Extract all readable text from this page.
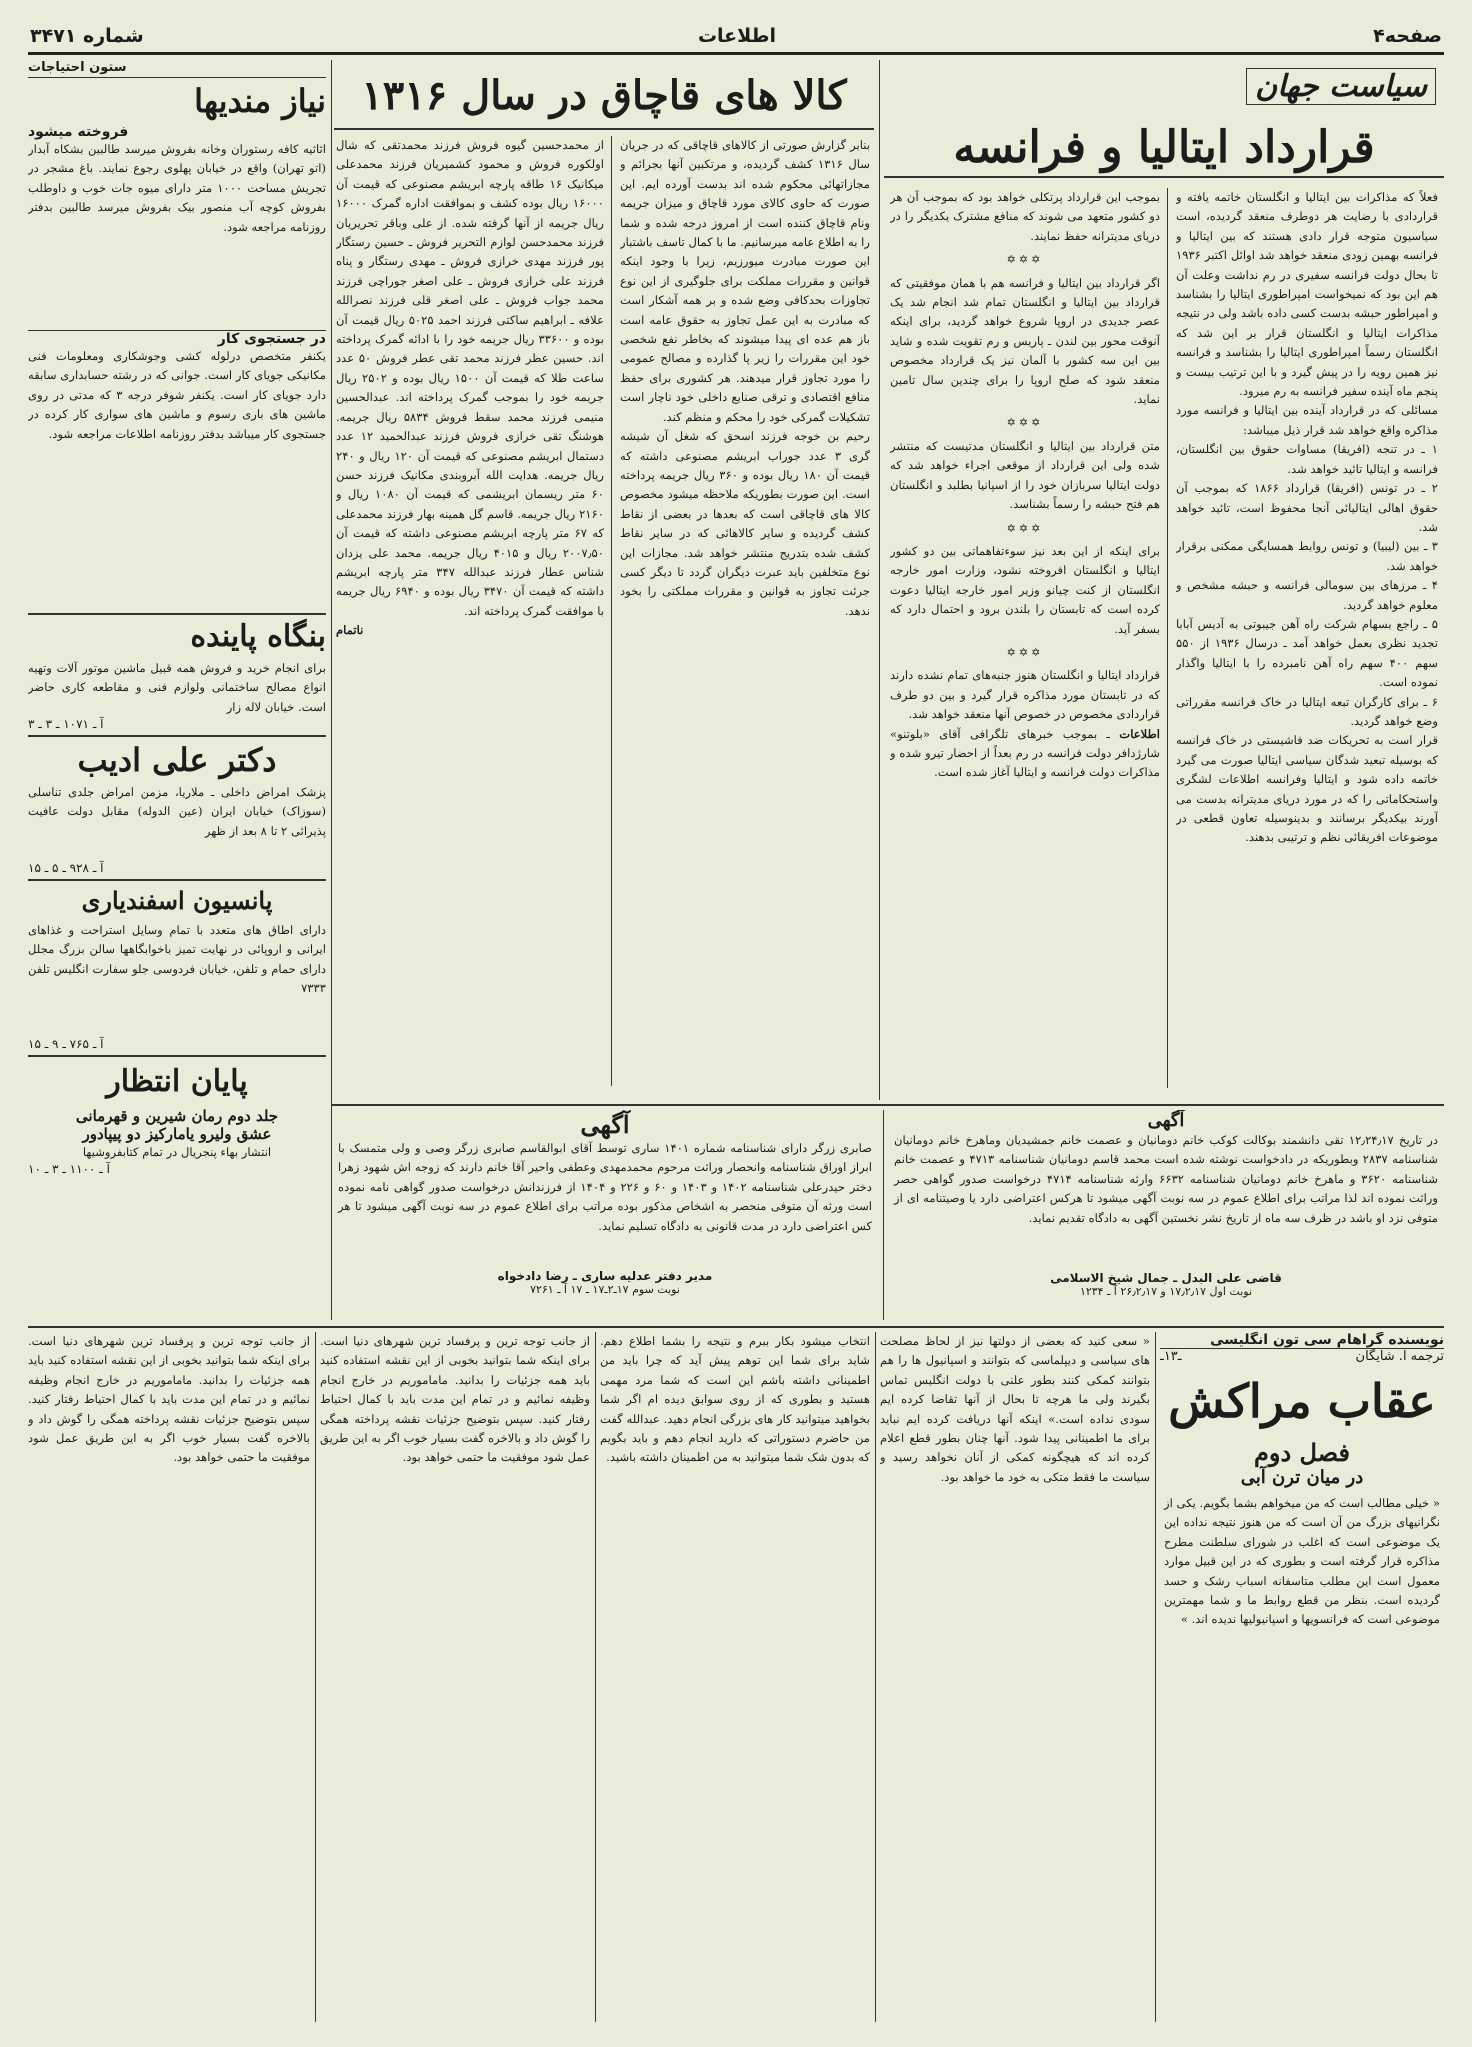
صفحه۴
اطلاعات
شماره ۳۴۷۱
سیاست جهان
قرارداد ایتالیا و فرانسه
فعلاً که مذاکرات بین ایتالیا و انگلستان خاتمه یافته و قراردادی با رضایت هر دوطرف منعقد گردیده، است سیاسیون متوجه قرار دادی هستند که بین ایتالیا و فرانسه بهمین زودی منعقد خواهد شد اوائل اکتبر ۱۹۳۶ تا بحال دولت فرانسه سفیری در رم نداشت وعلت آن هم این بود که نمیخواست امپراطوری ایتالیا را بشناسد و امپراطور حبشه بدست کسی داده باشد ولی در نتیجه مذاکرات ایتالیا و انگلستان قرار بر این شد که انگلستان رسماً امپراطوری ایتالیا را بشناسد و فرانسه نیز همین رویه را در پیش گیرد و با این ترتیب بیست و پنجم ماه آینده سفیر فرانسه به رم میرود.
مسائلی که در قرارداد آینده بین ایتالیا و فرانسه مورد مذاکره واقع خواهد شد قرار ذیل میباشد:
۱ ـ در تنجه (افریقا) مساوات حقوق بین انگلستان، فرانسه و ایتالیا تائید خواهد شد.
۲ ـ در تونس (افریقا) قرارداد ۱۸۶۶ که بموجب آن حقوق اهالی ایتالیائی آنجا محفوظ است، تائید خواهد شد.
۳ ـ بین (لیبیا) و تونس روابط همسایگی ممکنی برقرار خواهد شد.
۴ ـ مرزهای بین سومالی فرانسه و حبشه مشخص و معلوم خواهد گردید.
۵ ـ راجع بسهام شرکت راه آهن جیبوتی به آدیس آبابا تجدید نظری بعمل خواهد آمد ـ درسال ۱۹۳۶ از ۵۵۰ سهم ۴۰۰ سهم راه آهن نامبرده را با ایتالیا واگذار نموده است.
۶ ـ برای کارگران تبعه ایتالیا در خاک فرانسه مقرراتی وضع خواهد گردید.
قرار است به تحریکات ضد فاشیستی در خاک فرانسه که بوسیله تبعید شدگان سیاسی ایتالیا صورت می گیرد خاتمه داده شود و ایتالیا وفرانسه اطلاعات لشگری واستحکاماتی را که در مورد دریای مدیترانه بدست می آورند بیکدیگر برسانند و بدینوسیله تعاون قطعی در موضوعات افریقائی نظم و ترتیبی بدهند.
بموجب این قرارداد پرتکلی خواهد بود که بموجب آن هر دو کشور متعهد می شوند که منافع مشترک یکدیگر را در دریای مدیترانه حفظ نمایند.
✡✡✡
اگر قرارداد بین ایتالیا و فرانسه هم با همان موفقیتی که قرارداد بین ایتالیا و انگلستان تمام شد انجام شد یک عصر جدیدی در اروپا شروع خواهد گردید، برای اینکه آنوقت محور بین لندن ـ پاریس و رم تقویت شده و شاید بین این سه کشور با آلمان نیز یک قرارداد مخصوص منعقد شود که صلح اروپا را برای چندین سال تامین نماید.
✡✡✡
متن قرارداد بین ایتالیا و انگلستان مدتیست که منتشر شده ولی این قرارداد از موقعی اجراء خواهد شد که دولت ایتالیا سربازان خود را از اسپانیا بطلبد و انگلستان هم فتح حبشه را رسماً بشناسد.
✡✡✡
برای اینکه از این بعد نیز سوءتفاهماتی بین دو کشور ایتالیا و انگلستان افروخته نشود، وزارت امور خارجه انگلستان از کنت چیانو وزیر امور خارجه ایتالیا دعوت کرده است که تابستان را بلندن برود و احتمال دارد که بسفر آید.
✡✡✡
قرارداد ایتالیا و انگلستان هنوز جنبه‌های تمام نشده دارند که در تابستان مورد مذاکره قرار گیرد و بین دو طرف قراردادی مخصوص در خصوص آنها منعقد خواهد شد.
اطلاعات ـ بموجب خبرهای تلگرافی آقای «بلوتنو» شارژدافر دولت فرانسه در رم بعداً از احضار تیرو شده و مذاکرات دولت فرانسه و ایتالیا آغاز شده است.
کالا های قاچاق در سال ۱۳۱۶
بنابر گزارش صورتی از کالاهای قاچاقی که در جریان سال ۱۳۱۶ کشف گردیده، و مرتکبین آنها بجرائم و مجازاتهائی محکوم شده اند بدست آورده ایم. این صورت که حاوی کالای مورد قاچاق و میزان جریمه ونام قاچاق کننده است از امروز درجه شده و شما را به اطلاع عامه میرسانیم. ما با کمال تاسف باشتبار این صورت مبادرت میورزیم، زیرا با وجود اینکه قوانین و مقررات مملکت برای جلوگیری از این نوع تجاوزات بحدکافی وضع شده و بر همه آشکار است که مبادرت به این عمل تجاوز به حقوق عامه است باز هم عده ای پیدا میشوند که بخاطر نفع شخصی خود این مقررات را زیر پا گذارده و مصالح عمومی را مورد تجاوز قرار میدهند. هر کشوری برای حفظ منافع اقتصادی و ترقی صنایع داخلی خود ناچار است تشکیلات گمرکی خود را محکم و منظم کند.
رحیم بن خوجه فرزند اسحق که شغل آن شیشه گری ۳ عدد جوراب ابریشم مصنوعی داشته که قیمت آن ۱۸۰ ریال بوده و ۳۶۰ ریال جریمه پرداخته است. این صورت بطوریکه ملاحظه میشود مخصوص کالا های قاچاقی است که بعدها در بعضی از نقاط کشف گردیده و سایر کالاهائی که در سایر نقاط کشف شده بتدریج منتشر خواهد شد. مجازات این نوع متخلفین باید عبرت دیگران گردد تا دیگر کسی جرئت تجاوز به قوانین و مقررات مملکتی را بخود ندهد.
از محمدحسین گیوه فروش فرزند محمدتقی که شال اولکوره فروش و محمود کشمیریان فرزند محمدعلی میکانیک ۱۶ طاقه پارچه ابریشم مصنوعی که قیمت آن ۱۶۰۰۰ ریال بوده کشف و بموافقت اداره گمرک ۱۶۰۰۰ ریال جریمه از آنها گرفته شده. از علی وباقر تحریریان فرزند محمدحسن لوازم التحریر فروش ـ حسین رستگار پور فرزند مهدی خرازی فروش ـ مهدی رستگار و پناه فرزند علی خرازی فروش ـ علی اصغر جوراچی فرزند محمد جواب فروش ـ علی اصغر قلی فرزند نصرالله علافه ـ ابراهیم ساکتی فرزند احمد ۵۰۲۵ ریال قیمت آن بوده و ۳۳۶۰۰ ریال جریمه خود را با ادائه گمرک پرداخته اند. حسین عطر فرزند محمد تقی عطر فروش ۵۰ عدد ساعت طلا که قیمت آن ۱۵۰۰ ریال بوده و ۲۵۰۲ ریال جریمه خود را بموجب گمرک پرداخته اند. عبدالحسین منیمی فرزند محمد سقط فروش ۵۸۳۴ ریال جریمه. هوشنگ تقی خرازی فروش فرزند عبدالحمید ۱۲ عدد دستمال ابریشم مصنوعی که قیمت آن ۱۲۰ ریال و ۲۴۰ ریال جریمه. هدایت الله آبروبندی مکانیک فرزند حسن ۶۰ متر ریسمان ابریشمی که قیمت آن ۱۰۸۰ ریال و ۲۱۶۰ ریال جریمه. قاسم گل همینه بهار فرزند محمدعلی که ۶۷ متر پارچه ابریشم مصنوعی داشته که قیمت آن ۲۰۰۷٫۵۰ ریال و ۴۰۱۵ ریال جریمه. محمد علی یزدان شناس عطار فرزند عبدالله ۳۴۷ متر پارچه ابریشم داشته که قیمت آن ۳۴۷۰ ریال بوده و ۶۹۴۰ ریال جریمه با موافقت گمرک پرداخته اند.
ناتمام
ستون احتیاجات
نیاز مندیها
فروخته میشود
اثاثیه کافه رستوران وخانه بفروش میرسد طالبین بشکاه آبدار (اتو تهران) واقع در خیابان پهلوی رجوع نمایند. باغ مشجر در تجریش مساحت ۱۰۰۰ متر دارای میوه جات خوب و داوطلب بفروش کوچه آب منصور بیک بفروش میرسد طالبین بدفتر روزنامه مراجعه شود.
در جستجوی کار
یکنفر متخصص درلوله کشی وجوشکاری ومعلومات فنی مکانیکی جویای کار است. جوانی که در رشته حسابداری سابقه دارد جویای کار است. یکنفر شوفر درجه ۳ که مدتی در روی ماشین های باری رسوم و ماشین های سواری کار کرده در جستجوی کار میباشد بدفتر روزنامه اطلاعات مراجعه شود.
بنگاه پاینده
برای انجام خرید و فروش همه قبیل ماشین موتور آلات وتهیه انواع مصالح ساختمانی ولوازم فنی و مقاطعه کاری حاضر است. خیابان لاله زار
آ ـ ۱۰۷۱ ـ ۳ ـ ۳
دکتر علی ادیب
پزشک امراض داخلی ـ ملاریا، مزمن امراض جلدی تناسلی (سوزاک) خیابان ایران (عین الدوله) مقابل دولت عافیت پذیرائی ۲ تا ۸ بعد از ظهر
آ ـ ۹۲۸ ـ ۵ ـ ۱۵
پانسیون اسفندیاری
دارای اطاق های متعدد با تمام وسایل استراحت و غذاهای ایرانی و اروپائی در نهایت تمیز باخوابگاهها سالن بزرگ مجلل دارای حمام و تلفن، خیابان فردوسی جلو سفارت انگلیس تلفن ۷۳۳۳
آ ـ ۷۶۵ ـ ۹ ـ ۱۵
پایان انتظار
جلد دوم رمان شیرین و قهرمانی
عشق ولیرو یامارکیز دو پیپادور
انتشار بهاء پنجریال در تمام کتابفروشیها
آ ـ ۱۱۰۰ ـ ۳ ـ ۱۰
آگهی
در تاریخ ۱۲٫۲۴٫۱۷ تقی دانشمند بوکالت کوکب خانم دومانیان و عصمت خانم جمشیدیان وماهرخ خانم دومانیان شناسنامه ۲۸۳۷ وبطوریکه در دادخواست نوشته شده است محمد قاسم دومانیان شناسنامه ۴۷۱۳ و عصمت خانم شناسنامه ۳۶۲۰ و ماهرخ خانم دومانیان شناسنامه ۶۶۳۲ وارثه شناسنامه ۴۷۱۴ درخواست صدور گواهی حصر وراثت نموده اند لذا مراتب برای اطلاع عموم در سه نوبت آگهی میشود تا هرکس اعتراضی دارد یا وصیتنامه ای از متوفی نزد او باشد در ظرف سه ماه از تاریخ نشر نخستین آگهی به دادگاه تقدیم نماید.
قاضی علی البدل ـ جمال شیخ الاسلامی
نوبت اول ۱۷٫۲٫۱۷ و ۲۶٫۲٫۱۷ آ ـ ۱۲۳۴
آگهی
صابری زرگر دارای شناسنامه شماره ۱۴۰۱ ساری توسط آقای ابوالقاسم صابری زرگر وصی و ولی متمسک با ابراز اوراق شناسنامه وانحصار وراثت مرحوم محمدمهدی وعطفی واحیر آقا خانم دارند که زوجه اش شهود زهرا دختر حیدرعلی شناسنامه ۱۴۰۲ و ۱۴۰۳ و ۶۰ و ۲۲۶ و ۱۴۰۴ از فرزندانش درخواست صدور گواهی نامه نموده است ورثه آن متوفی منحصر به اشخاص مذکور بوده مراتب برای اطلاع عموم در سه نوبت آگهی میشود تا هر کس اعتراضی دارد در مدت قانونی به دادگاه تسلیم نماید.
مدیر دفتر عدلیه ساری ـ رضا دادخواه
نوبت سوم ۱۷ـ۲ـ۱۷ ـ ۱۷ آ ـ ۷۲۶۱
نویسنده گراهام سی تون انگلیسی
ترجمه ا. شایگان
ـ۱۳ـ
عقاب مراکش
فصل دوم
در میان ترن آبی
« خیلی مطالب است که من میخواهم بشما بگویم. یکی از نگرانیهای بزرگ من آن است که من هنوز نتیجه نداده این یک موضوعی است که اغلب در شورای سلطنت مطرح مذاکره قرار گرفته است و بطوری که در این قبیل موارد معمول است این مطلب متاسفانه اسباب رشک و حسد گردیده است. بنظر من قطع روابط ما و شما مهمترین موضوعی است که فرانسویها و اسپانیولیها ندیده اند. »
« سعی کنید که بعضی از دولتها نیز از لحاظ مصلحت های سیاسی و دیپلماسی که بتوانند و اسپانیول ها را هم بتوانند کمکی کنند بطور علنی با دولت انگلیس تماس بگیرند ولی ما هرچه تا بحال از آنها تقاضا کرده ایم سودی نداده است.» اینکه آنها دریافت کرده ایم نباید برای ما اطمینانی پیدا شود. آنها چنان بطور قطع اعلام کرده اند که هیچگونه کمکی از آنان نخواهد رسید و سیاست ما فقط متکی به خود ما خواهد بود.
انتخاب میشود بکار ببرم و نتیجه را بشما اطلاع دهم. شاید برای شما این توهم پیش آید که چرا باید من اطمینانی داشته باشم این است که شما مرد مهمی هستید و بطوری که از روی سوابق دیده ام اگر شما بخواهید میتوانید کار های بزرگی انجام دهید. عبدالله گفت من حاضرم دستوراتی که دارید انجام دهم و باید بگویم که بدون شک شما میتوانید به من اطمینان داشته باشید.
از جانب توجه ترین و پرفساد ترین شهرهای دنیا است. برای اینکه شما بتوانید بخوبی از این نقشه استفاده کنید باید همه جزئیات را بدانید. ماماموریم در خارج انجام وظیفه نمائیم و در تمام این مدت باید با کمال احتیاط رفتار کنید. سپس بتوضیح جزئیات نقشه پرداخته همگی را گوش داد و بالاخره گفت بسیار خوب اگر به این طریق عمل شود موفقیت ما حتمی خواهد بود.
از جانب توجه ترین و پرفساد ترین شهرهای دنیا است. برای اینکه شما بتوانید بخوبی از این نقشه استفاده کنید باید همه جزئیات را بدانید. ماماموریم در خارج انجام وظیفه نمائیم و در تمام این مدت باید با کمال احتیاط رفتار کنید. سپس بتوضیح جزئیات نقشه پرداخته همگی را گوش داد و بالاخره گفت بسیار خوب اگر به این طریق عمل شود موفقیت ما حتمی خواهد بود.
